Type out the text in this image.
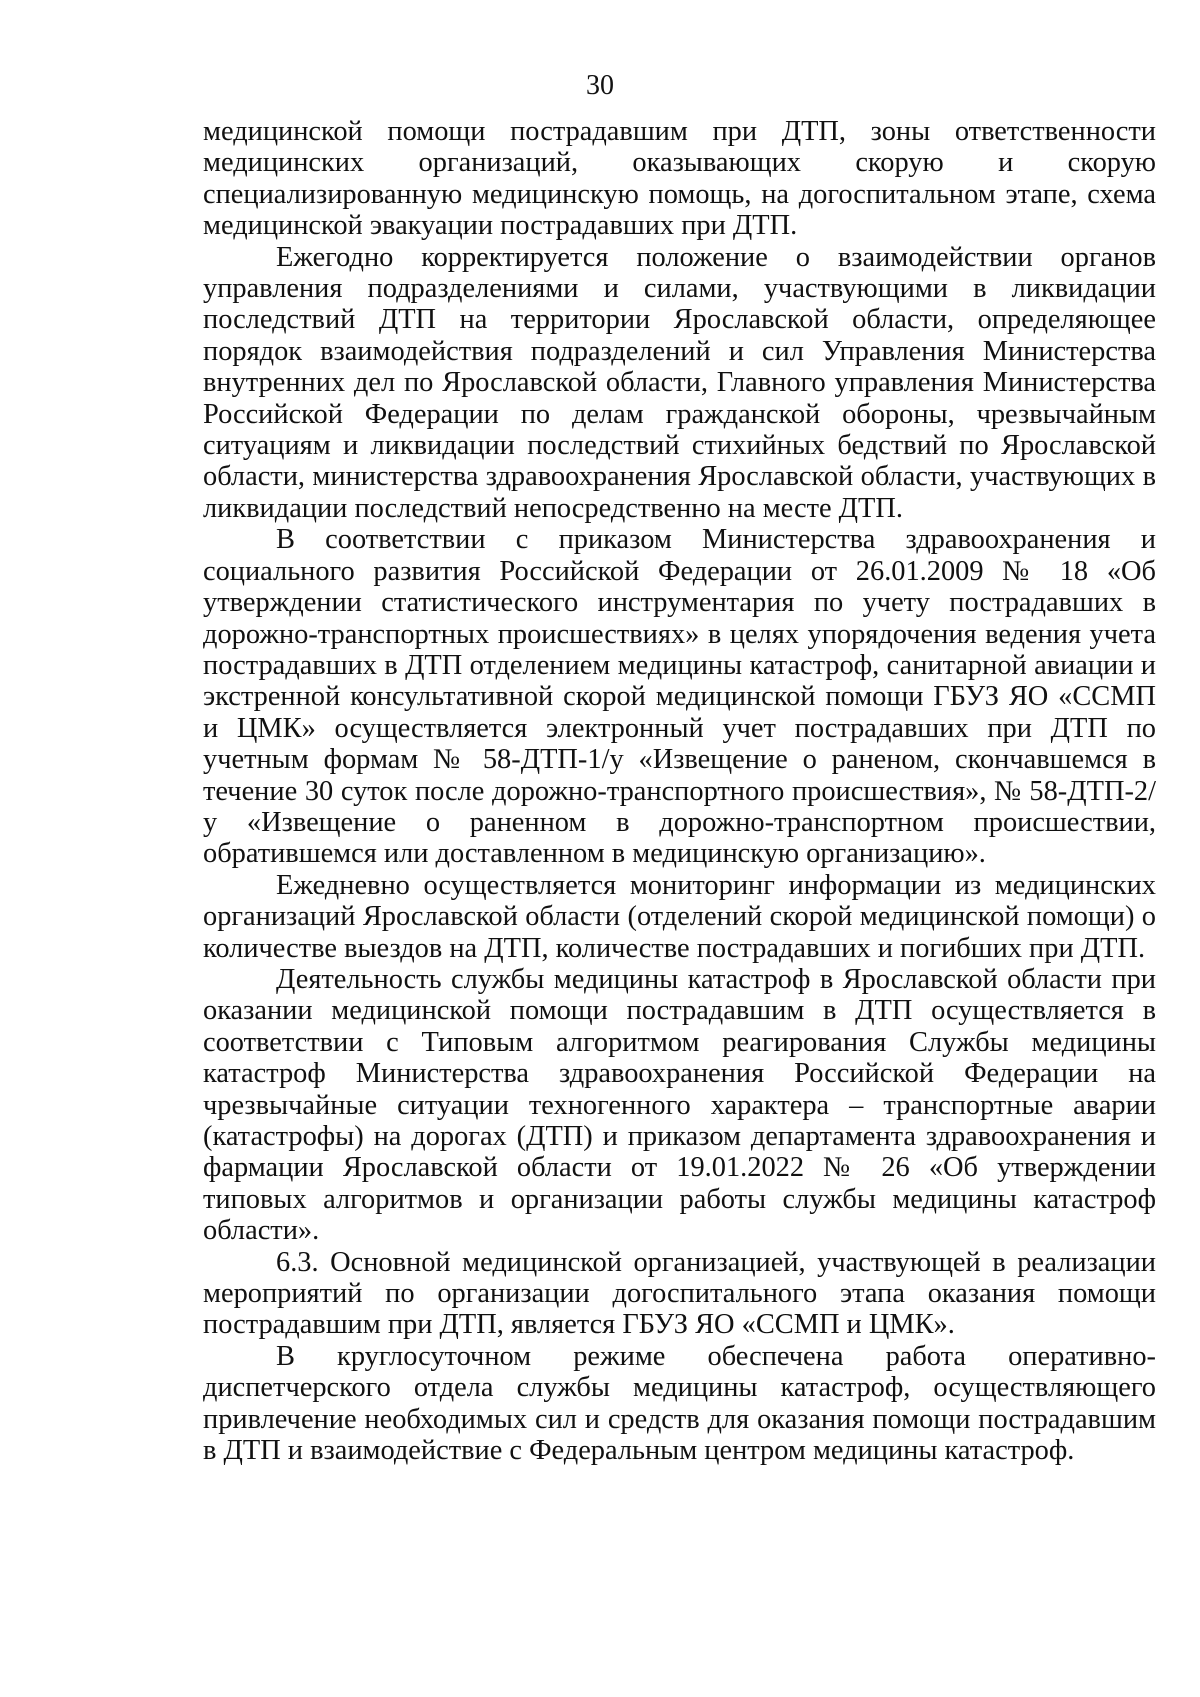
30

медицинской помощи пострадавшим при ДТП, зоны ответственности медицинских организаций, оказывающих скорую и скорую специализированную медицинскую помощь, на догоспитальном этапе, схема медицинской эвакуации пострадавших при ДТП.

Ежегодно корректируется положение о взаимодействии органов управления подразделениями и силами, участвующими в ликвидации последствий ДТП на территории Ярославской области, определяющее порядок взаимодействия подразделений и сил Управления Министерства внутренних дел по Ярославской области, Главного управления Министерства Российской Федерации по делам гражданской обороны, чрезвычайным ситуациям и ликвидации последствий стихийных бедствий по Ярославской области, министерства здравоохранения Ярославской области, участвующих в ликвидации последствий непосредственно на месте ДТП.

В соответствии с приказом Министерства здравоохранения и социального развития Российской Федерации от 26.01.2009 № 18 «Об утверждении статистического инструментария по учету пострадавших в дорожно-транспортных происшествиях» в целях упорядочения ведения учета пострадавших в ДТП отделением медицины катастроф, санитарной авиации и экстренной консультативной скорой медицинской помощи ГБУЗ ЯО «ССМП и ЦМК» осуществляется электронный учет пострадавших при ДТП по учетным формам № 58-ДТП-1/у «Извещение о раненом, скончавшемся в течение 30 суток после дорожно-транспортного происшествия», № 58-ДТП-2/у «Извещение о раненном в дорожно-транспортном происшествии, обратившемся или доставленном в медицинскую организацию».

Ежедневно осуществляется мониторинг информации из медицинских организаций Ярославской области (отделений скорой медицинской помощи) о количестве выездов на ДТП, количестве пострадавших и погибших при ДТП.

Деятельность службы медицины катастроф в Ярославской области при оказании медицинской помощи пострадавшим в ДТП осуществляется в соответствии с Типовым алгоритмом реагирования Службы медицины катастроф Министерства здравоохранения Российской Федерации на чрезвычайные ситуации техногенного характера – транспортные аварии (катастрофы) на дорогах (ДТП) и приказом департамента здравоохранения и фармации Ярославской области от 19.01.2022 № 26 «Об утверждении типовых алгоритмов и организации работы службы медицины катастроф области».

6.3. Основной медицинской организацией, участвующей в реализации мероприятий по организации догоспитального этапа оказания помощи пострадавшим при ДТП, является ГБУЗ ЯО «ССМП и ЦМК».

В круглосуточном режиме обеспечена работа оперативно-диспетчерского отдела службы медицины катастроф, осуществляющего привлечение необходимых сил и средств для оказания помощи пострадавшим в ДТП и взаимодействие с Федеральным центром медицины катастроф.
